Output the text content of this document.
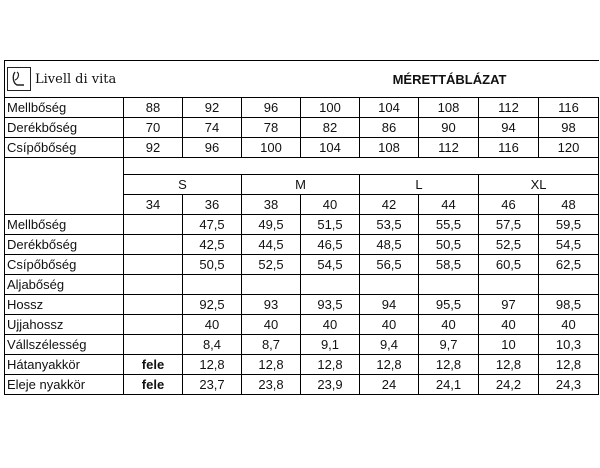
Livell di vita				MÉRETTÁBLÁZAT				
Mellbőség	88	92	96	100	104	108	112	116
Derékbőség	70	74	78	82	86	90	94	98
Csípőbőség	92	96	100	104	108	112	116	120

	S		M		L		XL	
	34	36	38	40	42	44	46	48
Mellbőség		47,5	49,5	51,5	53,5	55,5	57,5	59,5
Derékbőség		42,5	44,5	46,5	48,5	50,5	52,5	54,5
Csípőbőség		50,5	52,5	54,5	56,5	58,5	60,5	62,5
Aljabőség								
Hossz		92,5	93	93,5	94	95,5	97	98,5
Ujjahossz		40	40	40	40	40	40	40
Vállszélesség		8,4	8,7	9,1	9,4	9,7	10	10,3
Hátanyakkör	fele	12,8	12,8	12,8	12,8	12,8	12,8	12,8
Eleje nyakkör	fele	23,7	23,8	23,9	24	24,1	24,2	24,3
